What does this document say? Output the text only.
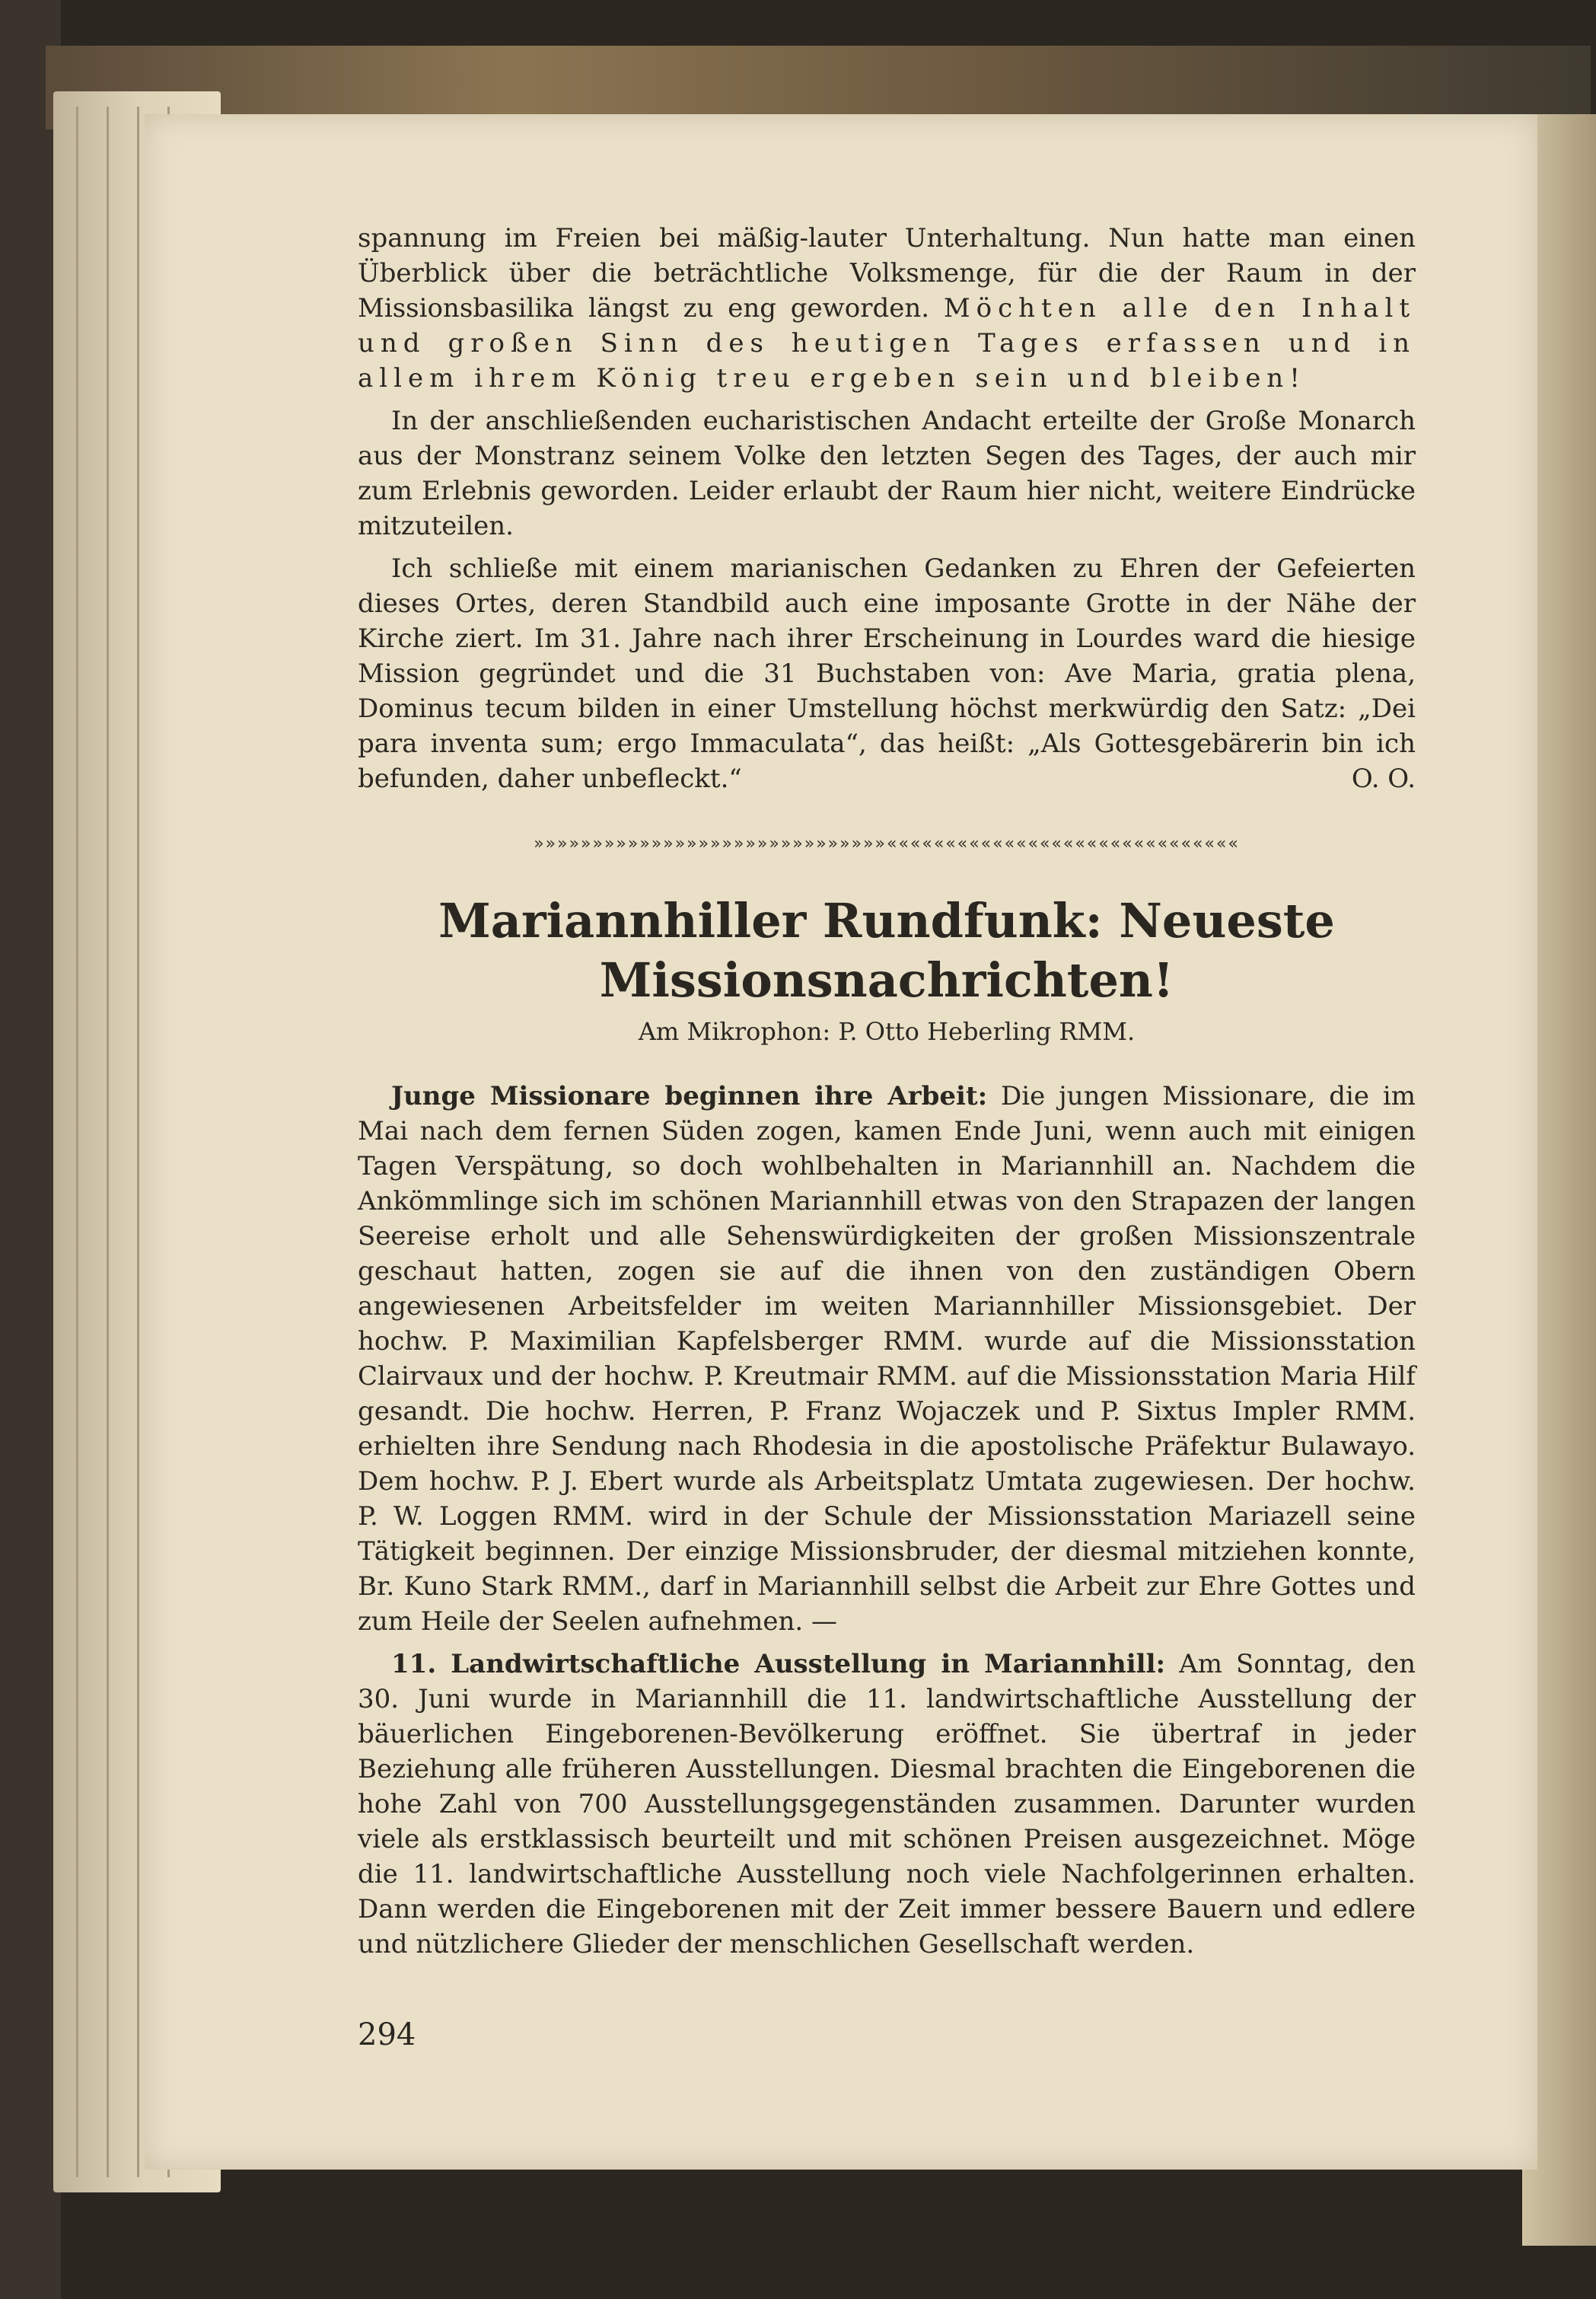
spannung im Freien bei mäßig-lauter Unterhaltung. Nun hatte man einen Überblick über die beträchtliche Volksmenge, für die der Raum in der Missionsbasilika längst zu eng geworden. Möchten alle den Inhalt und großen Sinn des heutigen Tages erfassen und in allem ihrem König treu ergeben sein und bleiben!

In der anschließenden eucharistischen Andacht erteilte der Große Monarch aus der Monstranz seinem Volke den letzten Segen des Tages, der auch mir zum Erlebnis geworden. Leider erlaubt der Raum hier nicht, weitere Eindrücke mitzuteilen.

Ich schließe mit einem marianischen Gedanken zu Ehren der Gefeierten dieses Ortes, deren Standbild auch eine imposante Grotte in der Nähe der Kirche ziert. Im 31. Jahre nach ihrer Erscheinung in Lourdes ward die hiesige Mission gegründet und die 31 Buchstaben von: Ave Maria, gratia plena, Dominus tecum bilden in einer Umstellung höchst merkwürdig den Satz: „Dei para inventa sum; ergo Immaculata“, das heißt: „Als Gottesgebärerin bin ich befunden, daher unbefleckt.“	O. O.

»»»»»»»»»»»»»»»»»»»»»»»»»»»»»»««««««««««««««««««««««««««««««
Mariannhiller Rundfunk: Neueste Missionsnachrichten!
Am Mikrophon: P. Otto Heberling RMM.

Junge Missionare beginnen ihre Arbeit: Die jungen Missionare, die im Mai nach dem fernen Süden zogen, kamen Ende Juni, wenn auch mit einigen Tagen Verspätung, so doch wohlbehalten in Mariannhill an. Nachdem die Ankömmlinge sich im schönen Mariannhill etwas von den Strapazen der langen Seereise erholt und alle Sehenswürdigkeiten der großen Missionszentrale geschaut hatten, zogen sie auf die ihnen von den zuständigen Obern angewiesenen Arbeitsfelder im weiten Mariannhiller Missionsgebiet. Der hochw. P. Maximilian Kapfelsberger RMM. wurde auf die Missionsstation Clairvaux und der hochw. P. Kreutmair RMM. auf die Missionsstation Maria Hilf gesandt. Die hochw. Herren, P. Franz Wojaczek und P. Sixtus Impler RMM. erhielten ihre Sendung nach Rhodesia in die apostolische Präfektur Bulawayo. Dem hochw. P. J. Ebert wurde als Arbeitsplatz Umtata zugewiesen. Der hochw. P. W. Loggen RMM. wird in der Schule der Missionsstation Mariazell seine Tätigkeit beginnen. Der einzige Missionsbruder, der diesmal mitziehen konnte, Br. Kuno Stark RMM., darf in Mariannhill selbst die Arbeit zur Ehre Gottes und zum Heile der Seelen aufnehmen. —

11. Landwirtschaftliche Ausstellung in Mariannhill: Am Sonntag, den 30. Juni wurde in Mariannhill die 11. landwirtschaftliche Ausstellung der bäuerlichen Eingeborenen-Bevölkerung eröffnet. Sie übertraf in jeder Beziehung alle früheren Ausstellungen. Diesmal brachten die Eingeborenen die hohe Zahl von 700 Ausstellungsgegenständen zusammen. Darunter wurden viele als erstklassisch beurteilt und mit schönen Preisen ausgezeichnet. Möge die 11. landwirtschaftliche Ausstellung noch viele Nachfolgerinnen erhalten. Dann werden die Eingeborenen mit der Zeit immer bessere Bauern und edlere und nützlichere Glieder der menschlichen Gesellschaft werden.

294
